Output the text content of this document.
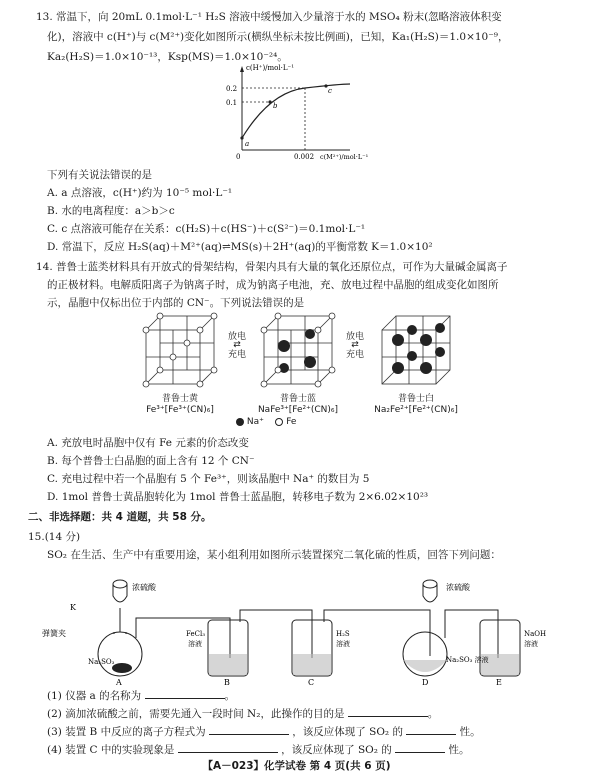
13. 常温下，向 20mL 0.1mol·L⁻¹ H₂S 溶液中缓慢加入少量溶于水的 MSO₄ 粉末(忽略溶液体积变
化)，溶液中 c(H⁺)与 c(M²⁺)变化如图所示(横纵坐标未按比例画)，已知，Ka₁(H₂S)＝1.0×10⁻⁹，
Ka₂(H₂S)＝1.0×10⁻¹³，Ksp(MS)＝1.0×10⁻²⁴。
c(H⁺)/mol·L⁻¹
0.2
0.1
0	0.002 c(M²⁺)/mol·L⁻¹
a
b
c
下列有关说法错误的是
A. a 点溶液，c(H⁺)约为 10⁻⁵ mol·L⁻¹
B. 水的电离程度：a＞b＞c
C. c 点溶液可能存在关系：c(H₂S)＋c(HS⁻)＋c(S²⁻)＝0.1mol·L⁻¹
D. 常温下，反应 H₂S(aq)＋M²⁺(aq)⇌MS(s)＋2H⁺(aq)的平衡常数 K＝1.0×10²
14. 普鲁士蓝类材料具有开放式的骨架结构，骨架内具有大量的氧化还原位点，可作为大量碱金属离子
的正极材料。电解质阳离子为钠离子时，成为钠离子电池，充、放电过程中晶胞的组成变化如图所
示，晶胞中仅标出位于内部的 CN⁻。下列说法错误的是
普鲁士黄
Fe³⁺[Fe³⁺(CN)₆]
放电
⇄
充电
普鲁士蓝
NaFe³⁺[Fe²⁺(CN)₆]
放电
⇄
充电
普鲁士白
Na₂Fe²⁺[Fe²⁺(CN)₆]
Na⁺ Fe
A. 充放电时晶胞中仅有 Fe 元素的价态改变
B. 每个普鲁士白晶胞的面上含有 12 个 CN⁻
C. 充电过程中若一个晶胞有 5 个 Fe³⁺，则该晶胞中 Na⁺ 的数目为 5
D. 1mol 普鲁士黄晶胞转化为 1mol 普鲁士蓝晶胞，转移电子数为 2×6.02×10²³
二、非选择题：共 4 道题，共 58 分。
15.(14 分)
SO₂ 在生活、生产中有重要用途，某小组利用如图所示装置探究二氧化硫的性质，回答下列问题：
浓硫酸	浓硫酸
K
弹簧夹
Na₂SO₃
A	B	C	D	E
FeCl₃
溶液
H₂S
溶液
Na₂SO₃ 溶液
NaOH
溶液
(1) 仪器 a 的名称为	。
(2) 滴加浓硫酸之前，需要先通入一段时间 N₂，此操作的目的是	。
(3) 装置 B 中反应的离子方程式为	，该反应体现了 SO₂ 的	性。
(4) 装置 C 中的实验现象是	，该反应体现了 SO₂ 的	性。
【A－023】化学试卷 第 4 页(共 6 页)
